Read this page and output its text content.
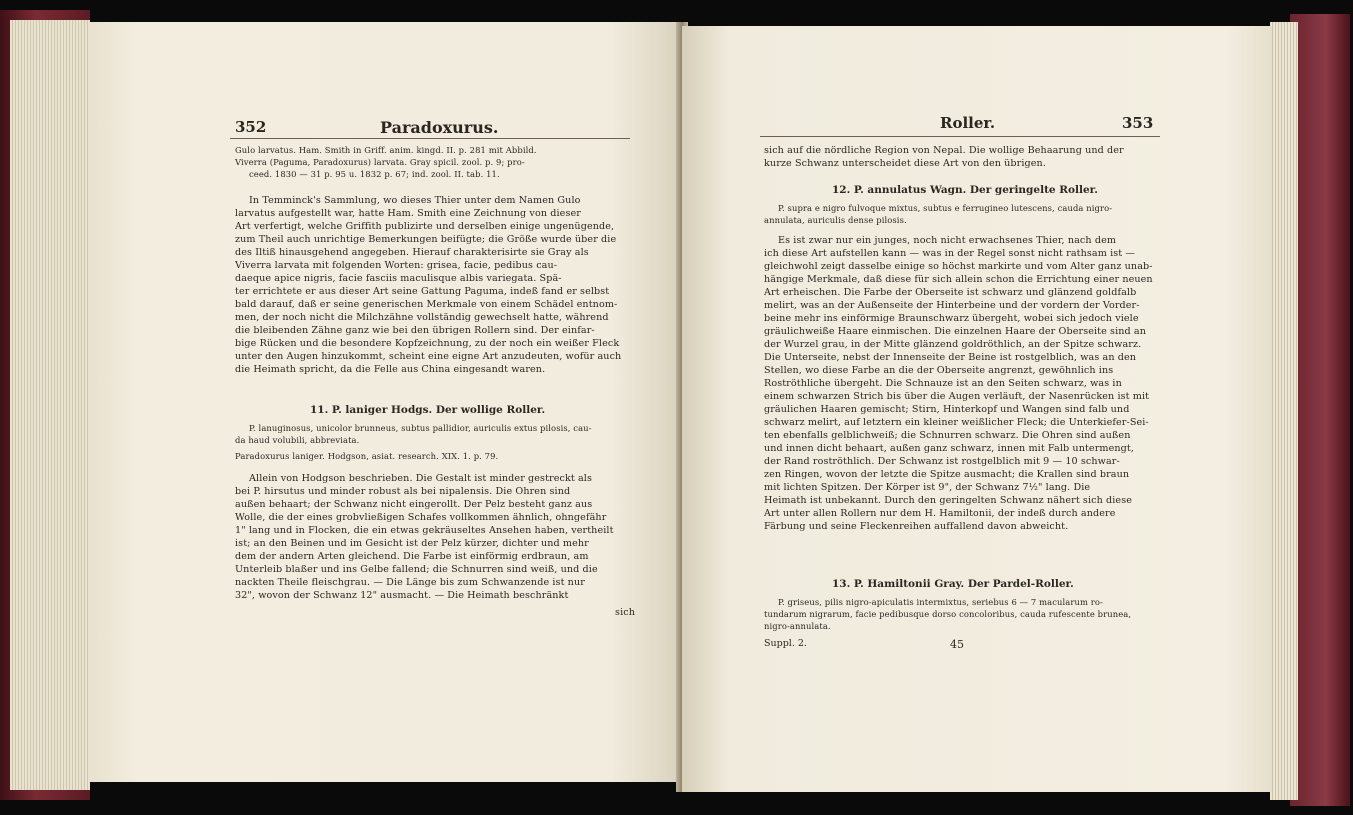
352	Paradoxurus.
Gulo larvatus. Ham. Smith in Griff. anim. kingd. II. p. 281 mit Abbild.
Viverra (Paguma, Paradoxurus) larvata. Gray spicil. zool. p. 9; pro-
ceed. 1830 — 31 p. 95 u. 1832 p. 67; ind. zool. II. tab. 11.
In Temminck's Sammlung, wo dieses Thier unter dem Namen Gulo
larvatus aufgestellt war, hatte Ham. Smith eine Zeichnung von dieser
Art verfertigt, welche Griffith publizirte und derselben einige ungenügende,
zum Theil auch unrichtige Bemerkungen beifügte; die Größe wurde über die
des Iltiß hinausgehend angegeben. Hierauf charakterisirte sie Gray als
Viverra larvata mit folgenden Worten: grisea, facie, pedibus cau-
daeque apice nigris, facie fasciis maculisque albis variegata. Spä-
ter errichtete er aus dieser Art seine Gattung Paguma, indeß fand er selbst
bald darauf, daß er seine generischen Merkmale von einem Schädel entnom-
men, der noch nicht die Milchzähne vollständig gewechselt hatte, während
die bleibenden Zähne ganz wie bei den übrigen Rollern sind. Der einfar-
bige Rücken und die besondere Kopfzeichnung, zu der noch ein weißer Fleck
unter den Augen hinzukommt, scheint eine eigne Art anzudeuten, wofür auch
die Heimath spricht, da die Felle aus China eingesandt waren.
11. P. laniger Hodgs. Der wollige Roller.
P. lanuginosus, unicolor brunneus, subtus pallidior, auriculis extus pilosis, cau-
da haud volubili, abbreviata.
Paradoxurus laniger. Hodgson, asiat. research. XIX. 1. p. 79.
Allein von Hodgson beschrieben. Die Gestalt ist minder gestreckt als
bei P. hirsutus und minder robust als bei nipalensis. Die Ohren sind
außen behaart; der Schwanz nicht eingerollt. Der Pelz besteht ganz aus
Wolle, die der eines grobvließigen Schafes vollkommen ähnlich, ohngefähr
1" lang und in Flocken, die ein etwas gekräuseltes Ansehen haben, vertheilt
ist; an den Beinen und im Gesicht ist der Pelz kürzer, dichter und mehr
dem der andern Arten gleichend. Die Farbe ist einförmig erdbraun, am
Unterleib blaßer und ins Gelbe fallend; die Schnurren sind weiß, und die
nackten Theile fleischgrau. — Die Länge bis zum Schwanzende ist nur
32", wovon der Schwanz 12" ausmacht. — Die Heimath beschränkt
sich
Roller.	353
sich auf die nördliche Region von Nepal. Die wollige Behaarung und der
kurze Schwanz unterscheidet diese Art von den übrigen.
12. P. annulatus Wagn. Der geringelte Roller.
P. supra e nigro fulvoque mixtus, subtus e ferrugineo lutescens, cauda nigro-
annulata, auriculis dense pilosis.
Es ist zwar nur ein junges, noch nicht erwachsenes Thier, nach dem
ich diese Art aufstellen kann — was in der Regel sonst nicht rathsam ist —
gleichwohl zeigt dasselbe einige so höchst markirte und vom Alter ganz unab-
hängige Merkmale, daß diese für sich allein schon die Errichtung einer neuen
Art erheischen. Die Farbe der Oberseite ist schwarz und glänzend goldfalb
melirt, was an der Außenseite der Hinterbeine und der vordern der Vorder-
beine mehr ins einförmige Braunschwarz übergeht, wobei sich jedoch viele
gräulichweiße Haare einmischen. Die einzelnen Haare der Oberseite sind an
der Wurzel grau, in der Mitte glänzend goldröthlich, an der Spitze schwarz.
Die Unterseite, nebst der Innenseite der Beine ist rostgelblich, was an den
Stellen, wo diese Farbe an die der Oberseite angrenzt, gewöhnlich ins
Roströthliche übergeht. Die Schnauze ist an den Seiten schwarz, was in
einem schwarzen Strich bis über die Augen verläuft, der Nasenrücken ist mit
gräulichen Haaren gemischt; Stirn, Hinterkopf und Wangen sind falb und
schwarz melirt, auf letztern ein kleiner weißlicher Fleck; die Unterkiefer-Sei-
ten ebenfalls gelblichweiß; die Schnurren schwarz. Die Ohren sind außen
und innen dicht behaart, außen ganz schwarz, innen mit Falb untermengt,
der Rand roströthlich. Der Schwanz ist rostgelblich mit 9 — 10 schwar-
zen Ringen, wovon der letzte die Spitze ausmacht; die Krallen sind braun
mit lichten Spitzen. Der Körper ist 9", der Schwanz 7½" lang. Die
Heimath ist unbekannt. Durch den geringelten Schwanz nähert sich diese
Art unter allen Rollern nur dem H. Hamiltonii, der indeß durch andere
Färbung und seine Fleckenreihen auffallend davon abweicht.
13. P. Hamiltonii Gray. Der Pardel-Roller.
P. griseus, pilis nigro-apiculatis intermixtus, seriebus 6 — 7 macularum ro-
tundarum nigrarum, facie pedibusque dorso concoloribus, cauda rufescente brunea,
nigro-annulata.
Suppl. 2.	45
